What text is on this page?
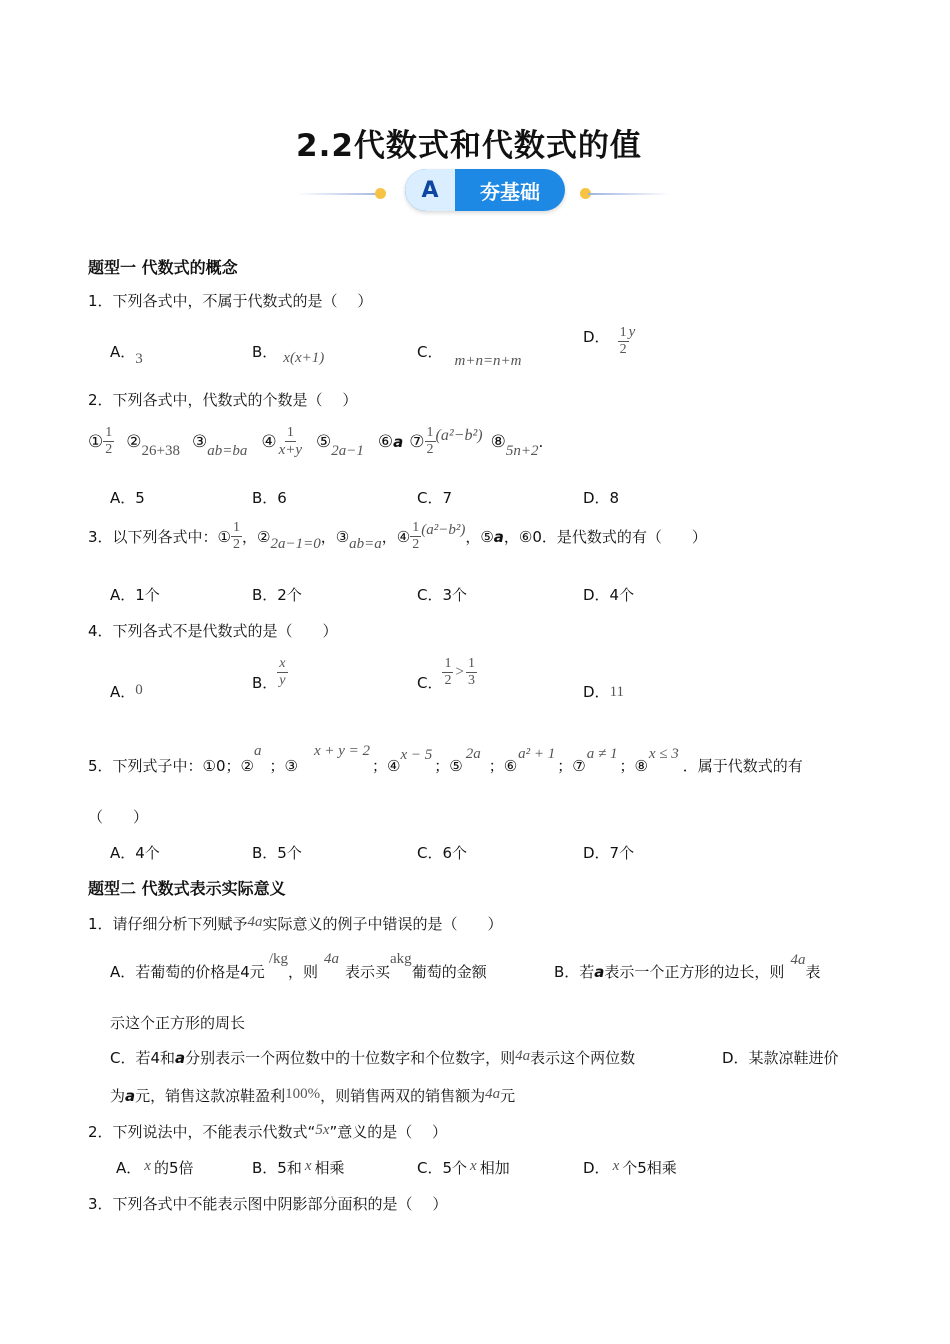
2.2代数式和代数式的值
A	夯基础
题型一 代数式的概念
1．下列各式中，不属于代数式的是（　 ）
A．3	B． x(x+1)	C． m+n=n+m
D． $\frac{1}{2}$ y
2．下列各式中，代数式的个数是（　 ）
① $\frac{1}{2}$ ② 26+38 ③ ab=ba ④ $\frac{1}{x+y}$ ⑤ 2a−1 ⑥ a ⑦ $\frac{1}{2} (a^2-b^2)$ ⑧ 5n+2
.
A．5	B．6	C．7	D．8
3．以下列各式中：① $\frac{1}{2}$ ，② 2a−1=0 ，③ ab=a ，④ $\frac{1}{2} (a^2-b^2)$ ，⑤ a ，⑥0．是代数式的有（　　）
A．1个	B．2个	C．3个	D．4个
4．下列各式不是代数式的是（　　）
A．0	B． $\frac{x}{y}$	C． $\frac{1}{2} > \frac{1}{3}$
D．11
5．下列式子中：①0；②a；③x + y = 2；④x − 5；⑤2a；⑥a² + 1；⑦a ≠ 1；⑧x ≤ 3．属于代数式的有
（　　）
A．4个	B．5个	C．6个	D．7个
题型二 代数式表示实际意义
1．请仔细分析下列赋予4a实际意义的例子中错误的是（　　）
A．若葡萄的价格是4元/kg，则4a表示买akg葡萄的金额	B．若a表示一个正方形的边长，则4a表
示这个正方形的周长
C．若4和a分别表示一个两位数中的十位数字和个位数字，则4a表示这个两位数	D．某款凉鞋进价
为a元，销售这款凉鞋盈利100%，则销售两双的销售额为4a元
2．下列说法中，不能表示代数式“5x”意义的是（　 ）
A． x 的5倍	B．5和 x 相乘	C．5个 x 相加	D． x 个5相乘
3．下列各式中不能表示图中阴影部分面积的是（　 ）
